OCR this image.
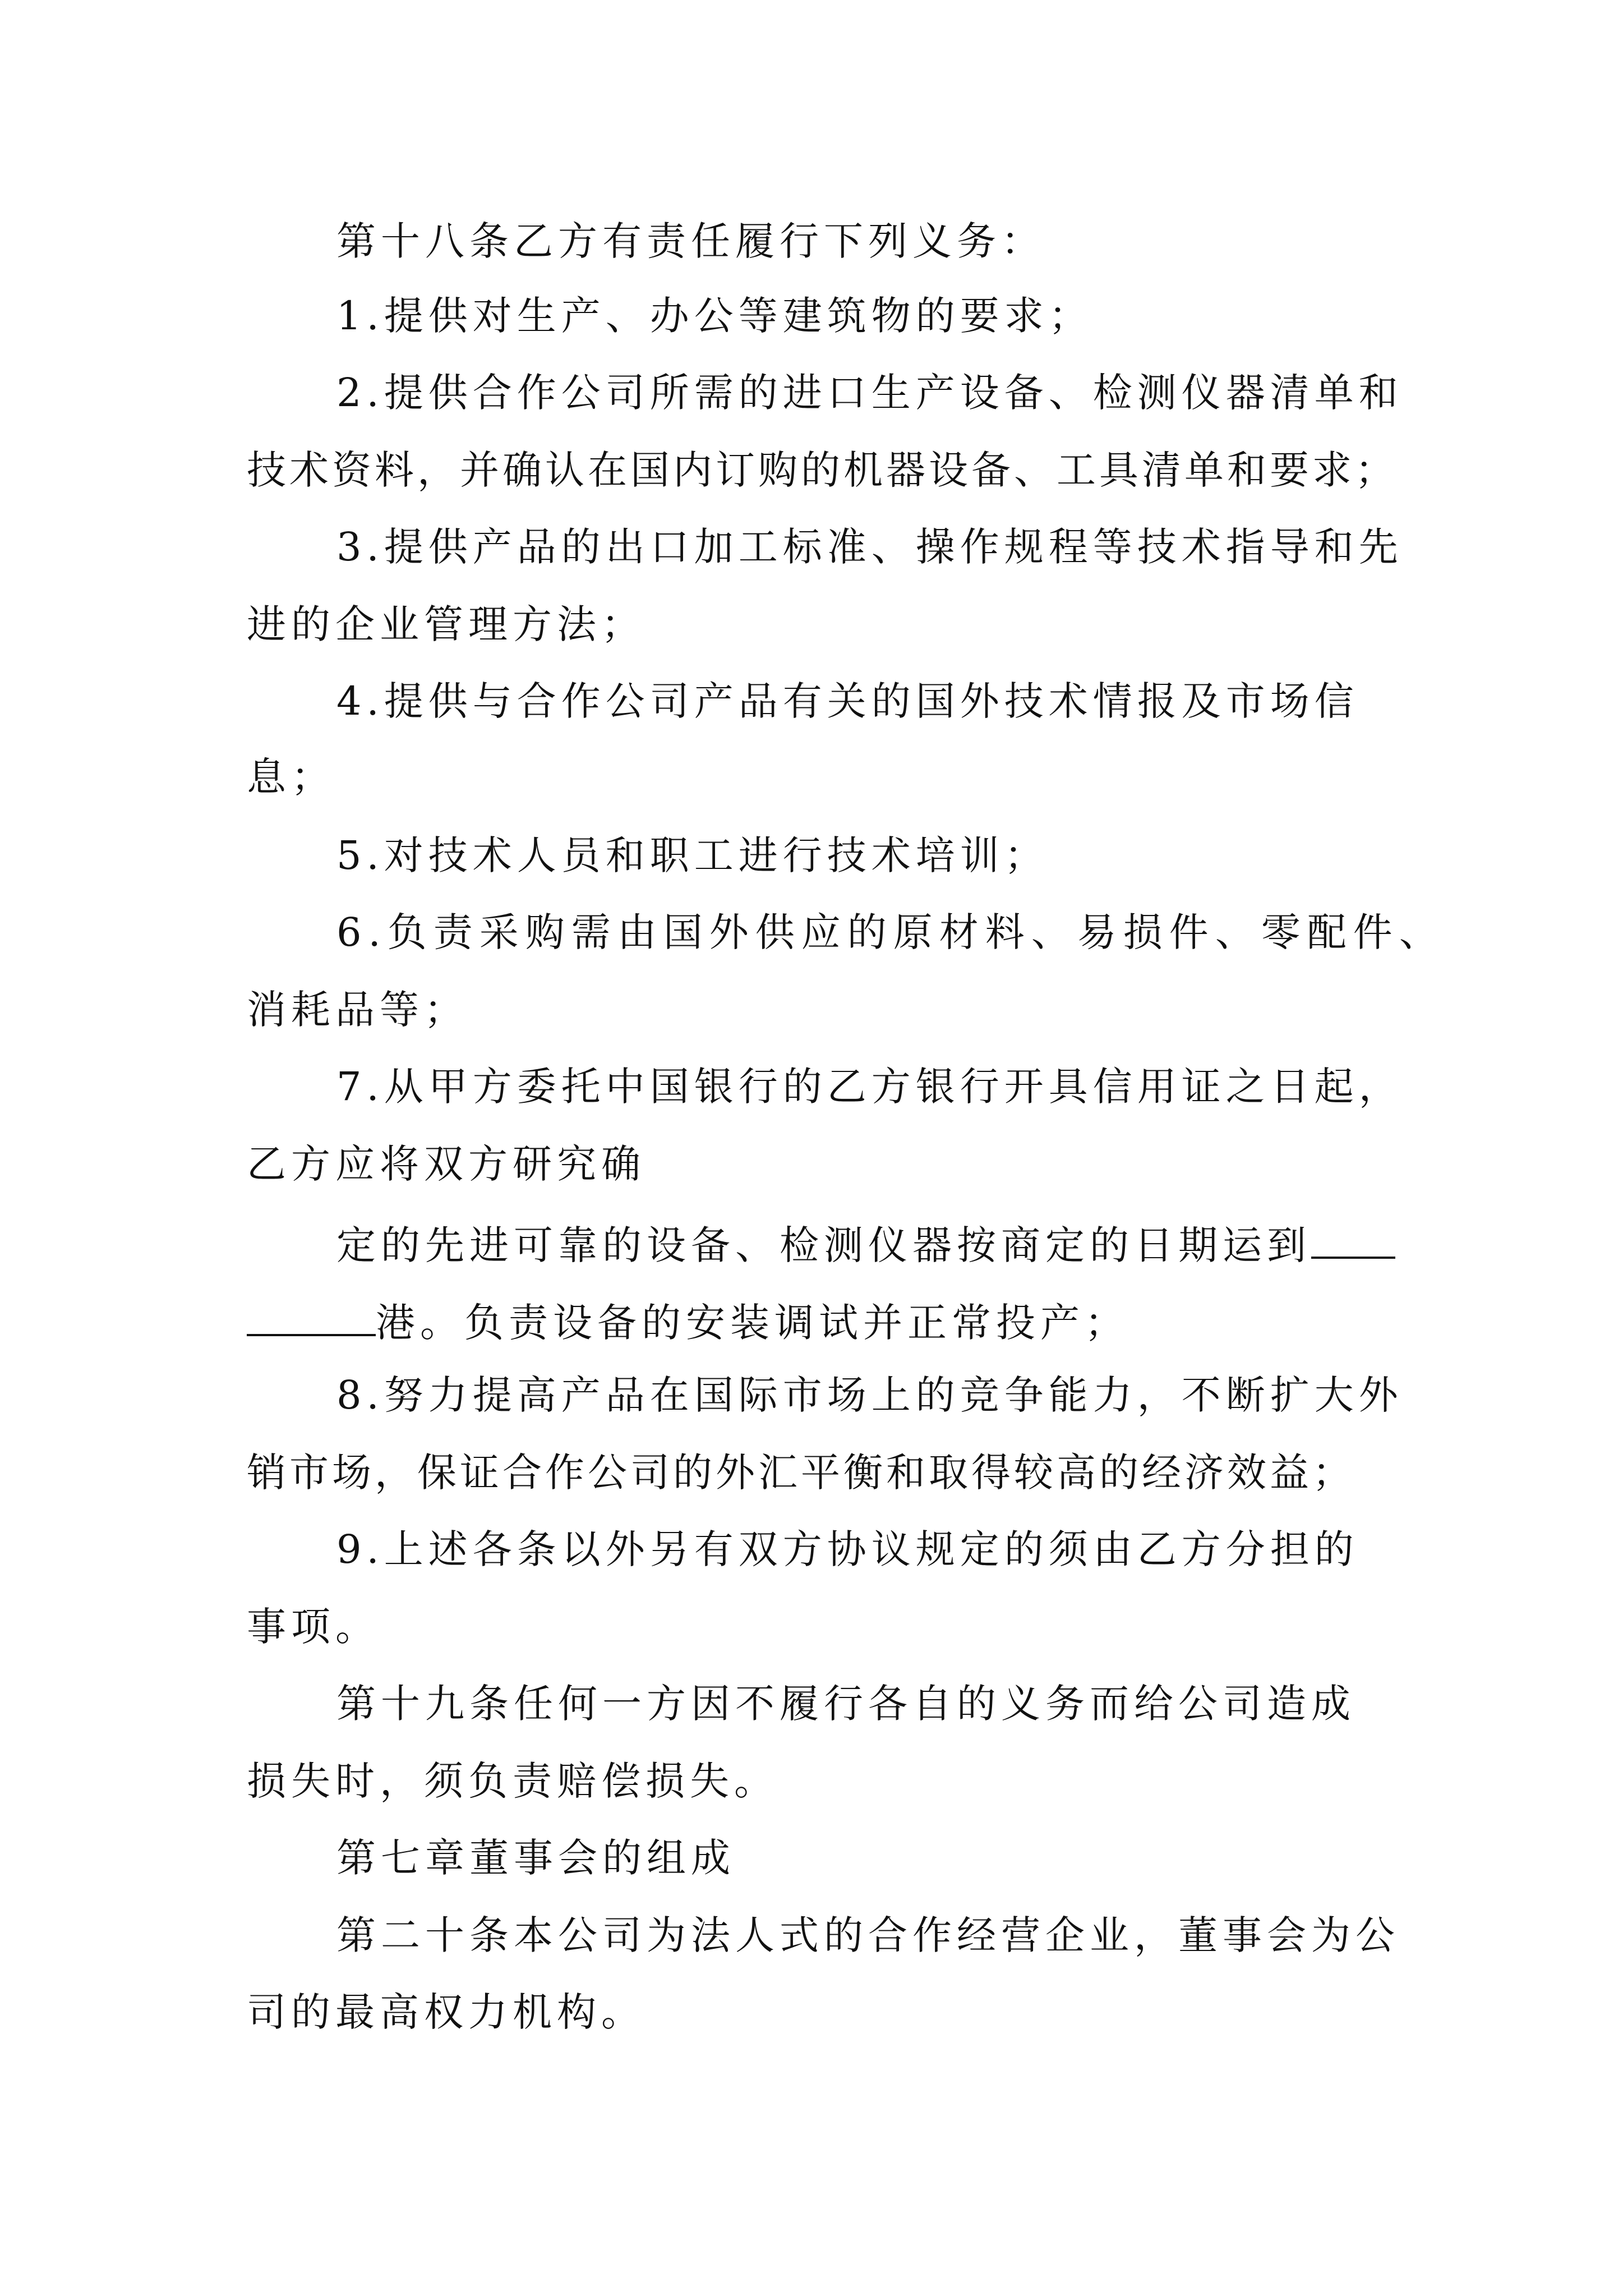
第十八条乙方有责任履行下列义务：

1.提供对生产、办公等建筑物的要求；

2.提供合作公司所需的进口生产设备、检测仪器清单和

技术资料，并确认在国内订购的机器设备、工具清单和要求；

3.提供产品的出口加工标准、操作规程等技术指导和先

进的企业管理方法；

4.提供与合作公司产品有关的国外技术情报及市场信

息；

5.对技术人员和职工进行技术培训；

6.负责采购需由国外供应的原材料、易损件、零配件、

消耗品等；

7.从甲方委托中国银行的乙方银行开具信用证之日起，

乙方应将双方研究确

定的先进可靠的设备、检测仪器按商定的日期运到

港。负责设备的安装调试并正常投产；

8.努力提高产品在国际市场上的竞争能力，不断扩大外

销市场，保证合作公司的外汇平衡和取得较高的经济效益；

9.上述各条以外另有双方协议规定的须由乙方分担的

事项。

第十九条任何一方因不履行各自的义务而给公司造成

损失时，须负责赔偿损失。

第七章董事会的组成

第二十条本公司为法人式的合作经营企业，董事会为公

司的最高权力机构。
